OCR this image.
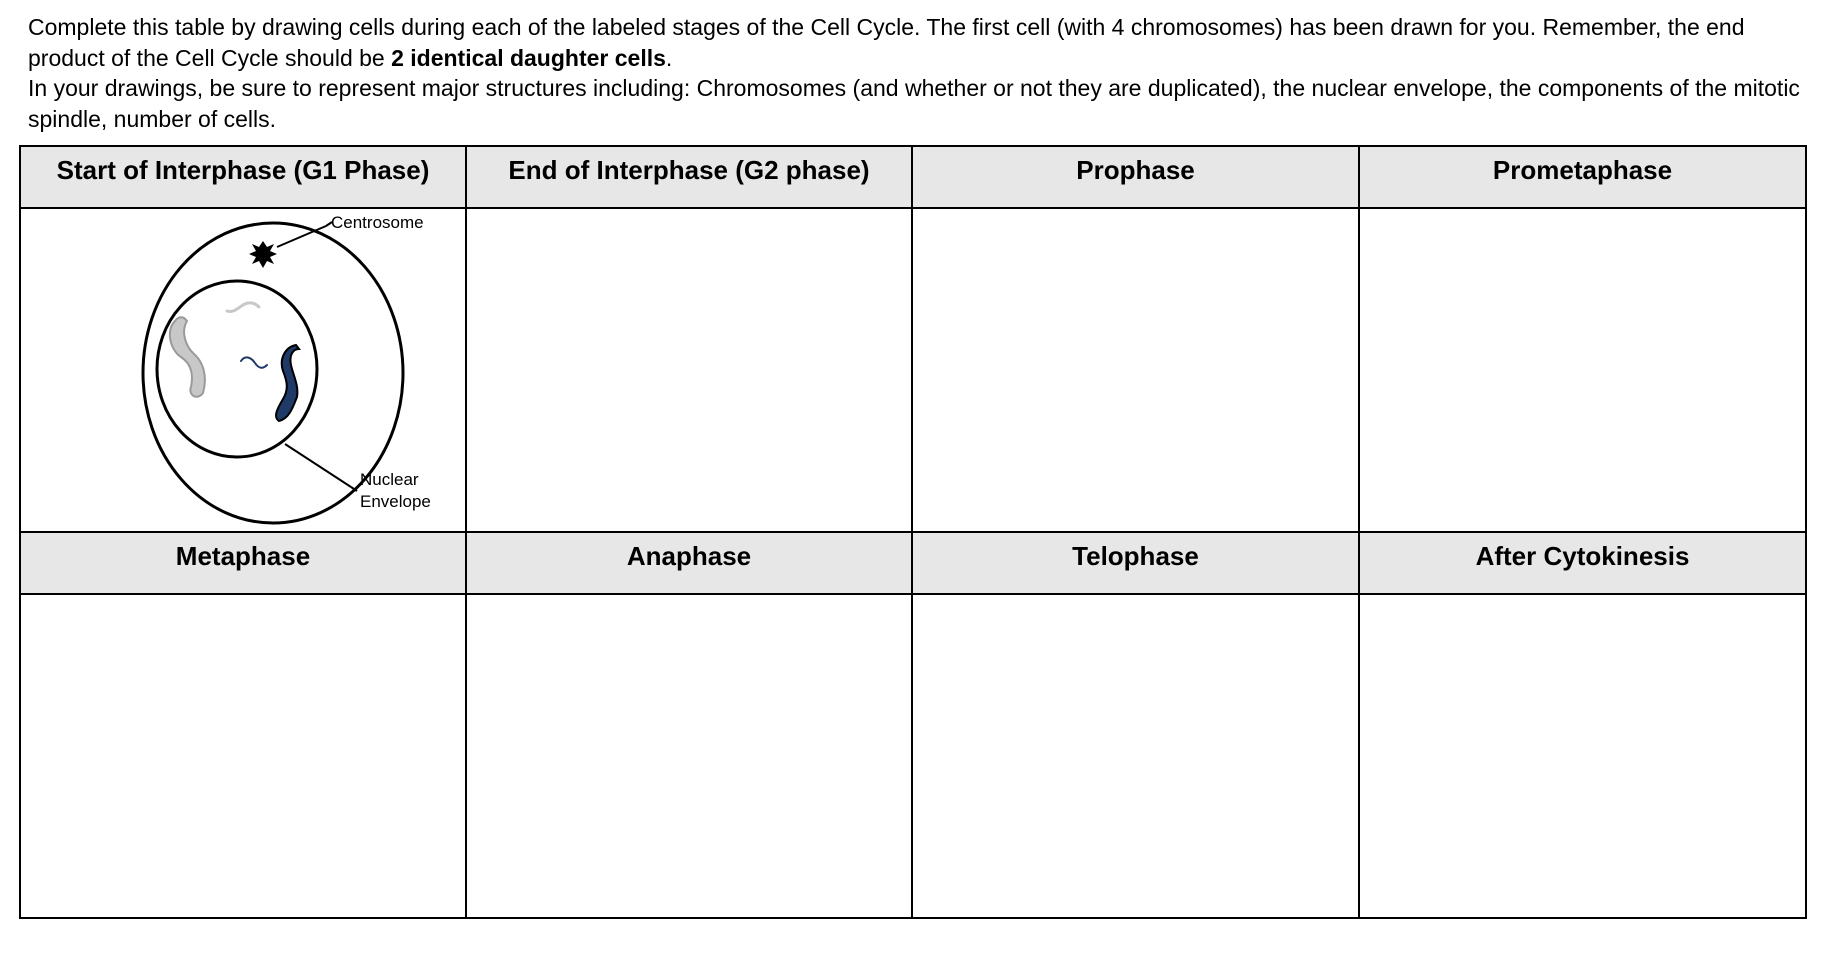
Complete this table by drawing cells during each of the labeled stages of the Cell Cycle. The first cell (with 4 chromosomes) has been drawn for you. Remember, the end product of the Cell Cycle should be 2 identical daughter cells.

In your drawings, be sure to represent major structures including: Chromosomes (and whether or not they are duplicated), the nuclear envelope, the components of the mitotic spindle, number of cells.

Start of Interphase (G1 Phase)	End of Interphase (G2 phase)	Prophase	Prometaphase

Centrosome
Nuclear
Envelope			

Metaphase	Anaphase	Telophase	After Cytokinesis
